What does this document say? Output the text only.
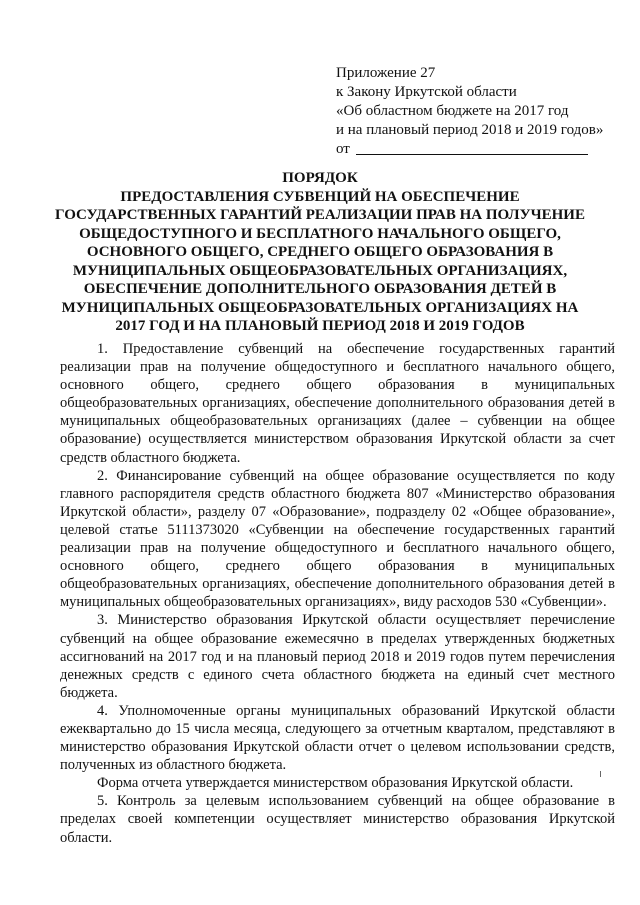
Приложение 27
к Закону Иркутской области
«Об областном бюджете на 2017 год
и на плановый период 2018 и 2019 годов»
от
ПОРЯДОК
ПРЕДОСТАВЛЕНИЯ СУБВЕНЦИЙ НА ОБЕСПЕЧЕНИЕ
ГОСУДАРСТВЕННЫХ ГАРАНТИЙ РЕАЛИЗАЦИИ ПРАВ НА ПОЛУЧЕНИЕ
ОБЩЕДОСТУПНОГО И БЕСПЛАТНОГО НАЧАЛЬНОГО ОБЩЕГО,
ОСНОВНОГО ОБЩЕГО, СРЕДНЕГО ОБЩЕГО ОБРАЗОВАНИЯ В
МУНИЦИПАЛЬНЫХ ОБЩЕОБРАЗОВАТЕЛЬНЫХ ОРГАНИЗАЦИЯХ,
ОБЕСПЕЧЕНИЕ ДОПОЛНИТЕЛЬНОГО ОБРАЗОВАНИЯ ДЕТЕЙ В
МУНИЦИПАЛЬНЫХ ОБЩЕОБРАЗОВАТЕЛЬНЫХ ОРГАНИЗАЦИЯХ НА
2017 ГОД И НА ПЛАНОВЫЙ ПЕРИОД 2018 И 2019 ГОДОВ

1. Предоставление субвенций на обеспечение государственных гарантий реализации прав на получение общедоступного и бесплатного начального общего, основного общего, среднего общего образования в муниципальных общеобразовательных организациях, обеспечение дополнительного образования детей в муниципальных общеобразовательных организациях (далее – субвенции на общее образование) осуществляется министерством образования Иркутской области за счет средств областного бюджета.

2. Финансирование субвенций на общее образование осуществляется по коду главного распорядителя средств областного бюджета 807 «Министерство образования Иркутской области», разделу 07 «Образование», подразделу 02 «Общее образование», целевой статье 5111373020 «Субвенции на обеспечение государственных гарантий реализации прав на получение общедоступного и бесплатного начального общего, основного общего, среднего общего образования в муниципальных общеобразовательных организациях, обеспечение дополнительного образования детей в муниципальных общеобразовательных организациях», виду расходов 530 «Субвенции».

3. Министерство образования Иркутской области осуществляет перечисление субвенций на общее образование ежемесячно в пределах утвержденных бюджетных ассигнований на 2017 год и на плановый период 2018 и 2019 годов путем перечисления денежных средств с единого счета областного бюджета на единый счет местного бюджета.

4. Уполномоченные органы муниципальных образований Иркутской области ежеквартально до 15 числа месяца, следующего за отчетным кварталом, представляют в министерство образования Иркутской области отчет о целевом использовании средств, полученных из областного бюджета.

Форма отчета утверждается министерством образования Иркутской области.

5. Контроль за целевым использованием субвенций на общее образование в пределах своей компетенции осуществляет министерство образования Иркутской области.
